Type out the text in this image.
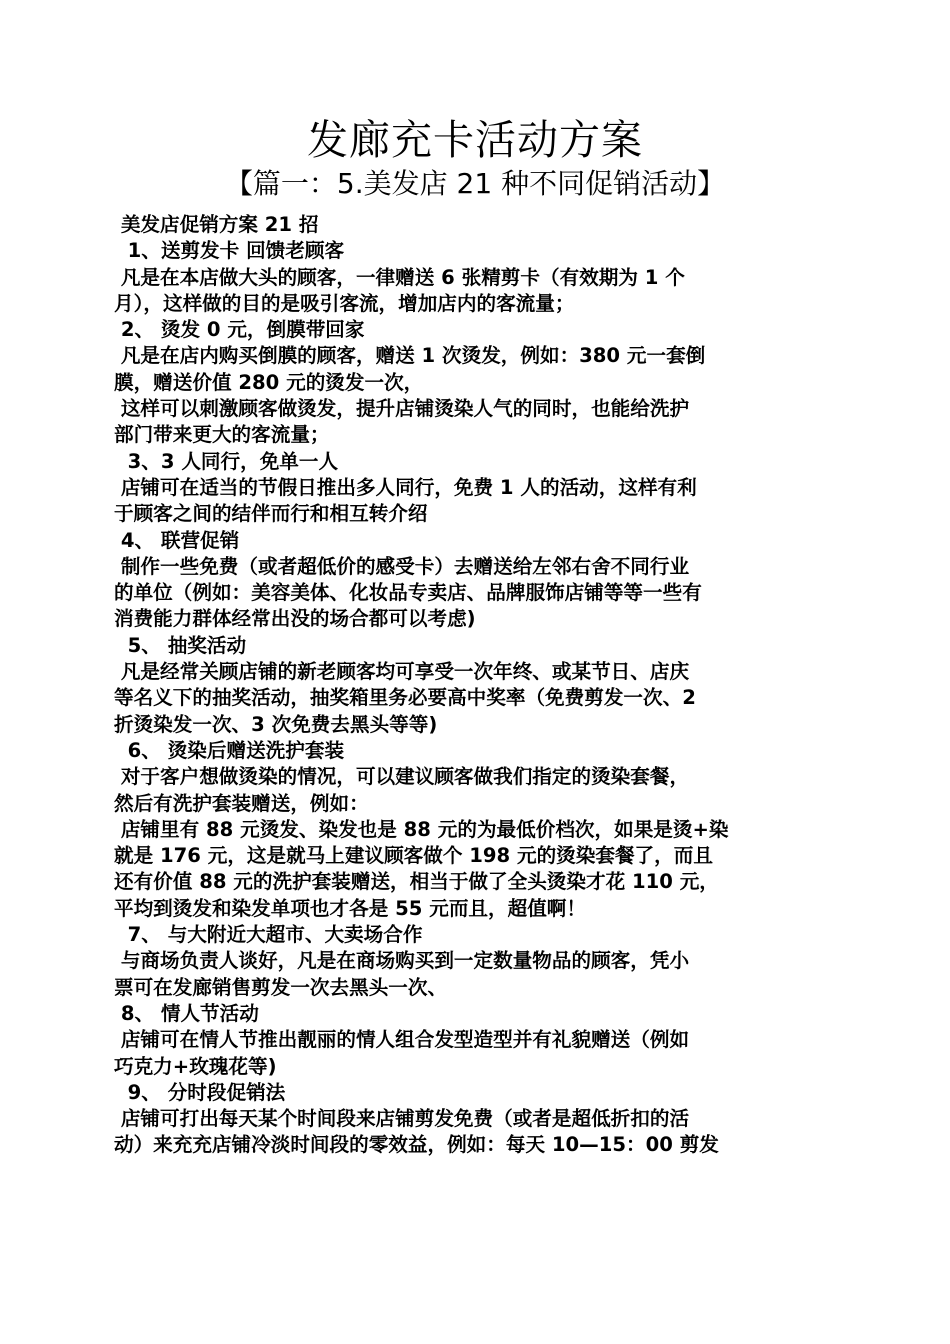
发廊充卡活动方案
【篇一：5.美发店 21 种不同促销活动】
美发店促销方案 21 招
1、送剪发卡 回馈老顾客
凡是在本店做大头的顾客，一律赠送 6 张精剪卡（有效期为 1 个
月），这样做的目的是吸引客流，增加店内的客流量；
2、 烫发 0 元，倒膜带回家
凡是在店内购买倒膜的顾客，赠送 1 次烫发，例如：380 元一套倒
膜，赠送价值 280 元的烫发一次，
这样可以刺激顾客做烫发，提升店铺烫染人气的同时，也能给洗护
部门带来更大的客流量；
3、3 人同行，免单一人
店铺可在适当的节假日推出多人同行，免费 1 人的活动，这样有利
于顾客之间的结伴而行和相互转介绍
4、 联营促销
制作一些免费（或者超低价的感受卡）去赠送给左邻右舍不同行业
的单位（例如：美容美体、化妆品专卖店、品牌服饰店铺等等一些有
消费能力群体经常出没的场合都可以考虑)
5、 抽奖活动
凡是经常关顾店铺的新老顾客均可享受一次年终、或某节日、店庆
等名义下的抽奖活动，抽奖箱里务必要高中奖率（免费剪发一次、2
折烫染发一次、3 次免费去黑头等等)
6、 烫染后赠送洗护套装
对于客户想做烫染的情况，可以建议顾客做我们指定的烫染套餐，
然后有洗护套装赠送，例如：
店铺里有 88 元烫发、染发也是 88 元的为最低价档次，如果是烫+染
就是 176 元，这是就马上建议顾客做个 198 元的烫染套餐了，而且
还有价值 88 元的洗护套装赠送，相当于做了全头烫染才花 110 元，
平均到烫发和染发单项也才各是 55 元而且，超值啊！
7、 与大附近大超市、大卖场合作
与商场负责人谈好，凡是在商场购买到一定数量物品的顾客，凭小
票可在发廊销售剪发一次去黑头一次、
8、 情人节活动
店铺可在情人节推出靓丽的情人组合发型造型并有礼貌赠送（例如
巧克力+玫瑰花等)
9、 分时段促销法
店铺可打出每天某个时间段来店铺剪发免费（或者是超低折扣的活
动）来充充店铺冷淡时间段的零效益，例如：每天 10—15：00 剪发
